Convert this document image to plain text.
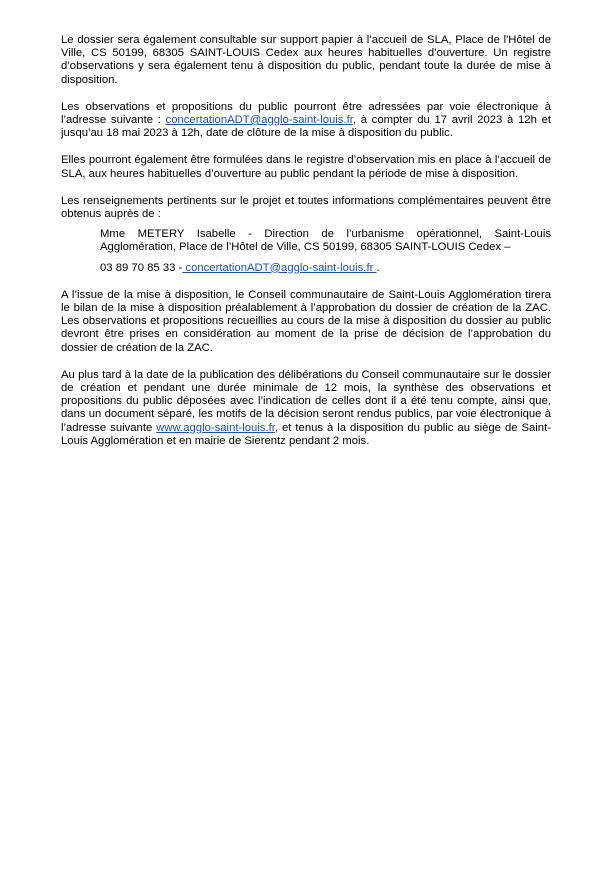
Le dossier sera également consultable sur support papier à l’accueil de SLA, Place de l'Hôtel de Ville, CS 50199, 68305 SAINT-LOUIS Cedex aux heures habituelles d’ouverture. Un registre d’observations y sera également tenu à disposition du public, pendant toute la durée de mise à disposition.

Les observations et propositions du public pourront être adressées par voie électronique à l’adresse suivante : concertationADT@agglo-saint-louis.fr, à compter du 17 avril 2023 à 12h et jusqu’au 18 mai 2023 à 12h, date de clôture de la mise à disposition du public.

Elles pourront également être formulées dans le registre d’observation mis en place à l’accueil de SLA, aux heures habituelles d’ouverture au public pendant la période de mise à disposition.

Les renseignements pertinents sur le projet et toutes informations complémentaires peuvent être obtenus auprès de :

Mme METERY Isabelle - Direction de l’urbanisme opérationnel, Saint-Louis Agglomération, Place de l’Hôtel de Ville, CS 50199, 68305 SAINT-LOUIS Cedex –

03 89 70 85 33 - concertationADT@agglo-saint-louis.fr .

A l’issue de la mise à disposition, le Conseil communautaire de Saint-Louis Agglomération tirera le bilan de la mise à disposition préalablement à l’approbation du dossier de création de la ZAC. Les observations et propositions recueillies au cours de la mise à disposition du dossier au public devront être prises en considération au moment de la prise de décision de l’approbation du dossier de création de la ZAC.

Au plus tard à la date de la publication des délibérations du Conseil communautaire sur le dossier de création et pendant une durée minimale de 12 mois, la synthèse des observations et propositions du public déposées avec l’indication de celles dont il a été tenu compte, ainsi que, dans un document séparé, les motifs de la décision seront rendus publics, par voie électronique à l’adresse suivante www.agglo-saint-louis.fr, et tenus à la disposition du public au siège de Saint-Louis Agglomération et en mairie de Sierentz pendant 2 mois.
